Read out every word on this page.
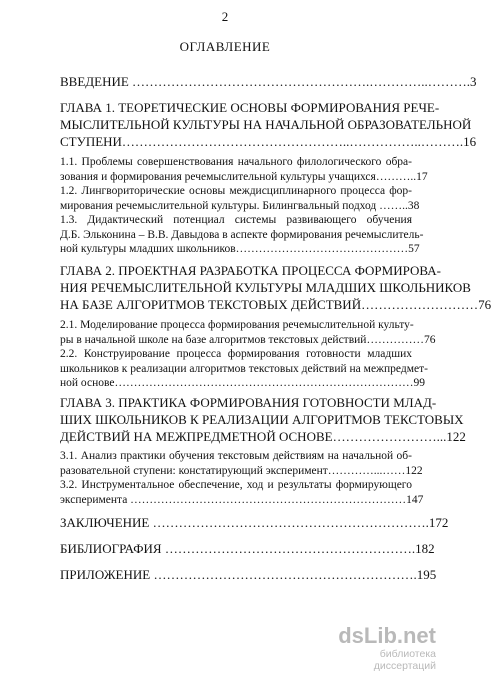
2
ОГЛАВЛЕНИЕ
ВВЕДЕНИЕ ……………………………………………….…………..……….3
ГЛАВА 1. ТЕОРЕТИЧЕСКИЕ ОСНОВЫ ФОРМИРОВАНИЯ РЕЧЕ-
МЫСЛИТЕЛЬНОЙ КУЛЬТУРЫ НА НАЧАЛЬНОЙ ОБРАЗОВАТЕЛЬНОЙ
СТУПЕНИ……………………………………………..……………..……….16
1.1. Проблемы совершенствования начального филологического обра-
зования и формирования речемыслительной культуры учащихся………..17
1.2. Лингвориторические основы междисциплинарного процесса фор-
мирования речемыслительной культуры. Билингвальный подход ……..38
1.3. Дидактический потенциал системы развивающего обучения
Д.Б. Эльконина – В.В. Давыдова в аспекте формирования речемыслитель-
ной культуры младших школьников………………………………………57
ГЛАВА 2. ПРОЕКТНАЯ РАЗРАБОТКА ПРОЦЕССА ФОРМИРОВА-
НИЯ РЕЧЕМЫСЛИТЕЛЬНОЙ КУЛЬТУРЫ МЛАДШИХ ШКОЛЬНИКОВ
НА БАЗЕ АЛГОРИТМОВ ТЕКСТОВЫХ ДЕЙСТВИЙ………………………76
2.1. Моделирование процесса формирования речемыслительной культу-
ры в начальной школе на базе алгоритмов текстовых действий……………76
2.2. Конструирование процесса формирования готовности младших
школьников к реализации алгоритмов текстовых действий на межпредмет-
ной основе……………………………………………………………………99
ГЛАВА 3. ПРАКТИКА ФОРМИРОВАНИЯ ГОТОВНОСТИ МЛАД-
ШИХ ШКОЛЬНИКОВ К РЕАЛИЗАЦИИ АЛГОРИТМОВ ТЕКСТОВЫХ
ДЕЙСТВИЙ НА МЕЖПРЕДМЕТНОЙ ОСНОВЕ……………………...122
3.1. Анализ практики обучения текстовым действиям на начальной об-
разовательной ступени: констатирующий эксперимент…………...……122
3.2. Инструментальное обеспечение, ход и результаты формирующего
эксперимента ………………………………………………………………147
ЗАКЛЮЧЕНИЕ ……………………………………………………….172
БИБЛИОГРАФИЯ ………………………………………………….182
ПРИЛОЖЕНИЕ …………………………………………………….195
dsLib.net
библиотека диссертаций
